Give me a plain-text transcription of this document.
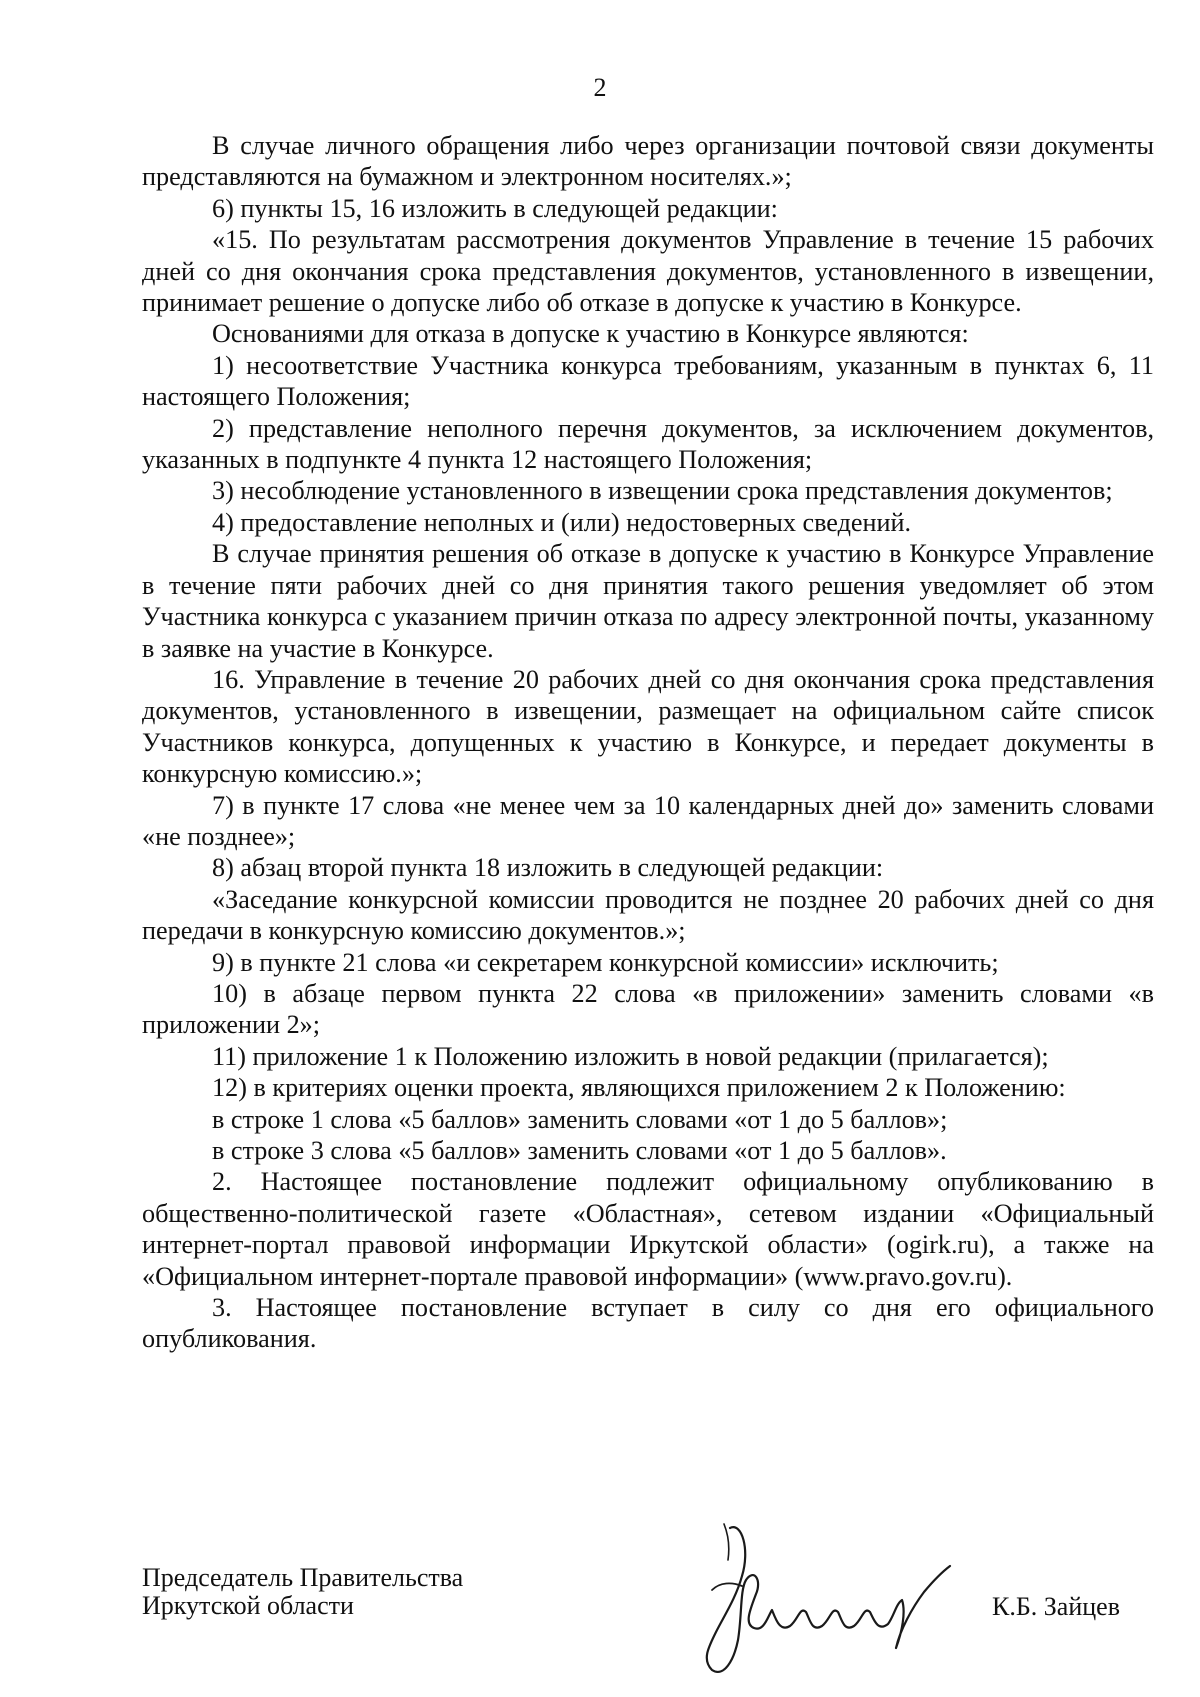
2

В случае личного обращения либо через организации почтовой связи документы представляются на бумажном и электронном носителях.»;

6) пункты 15, 16 изложить в следующей редакции:

«15. По результатам рассмотрения документов Управление в течение 15 рабочих дней со дня окончания срока представления документов, установленного в извещении, принимает решение о допуске либо об отказе в допуске к участию в Конкурсе.

Основаниями для отказа в допуске к участию в Конкурсе являются:

1) несоответствие Участника конкурса требованиям, указанным в пунктах 6, 11 настоящего Положения;

2) представление неполного перечня документов, за исключением документов, указанных в подпункте 4 пункта 12 настоящего Положения;

3) несоблюдение установленного в извещении срока представления документов;

4) предоставление неполных и (или) недостоверных сведений.

В случае принятия решения об отказе в допуске к участию в Конкурсе Управление в течение пяти рабочих дней со дня принятия такого решения уведомляет об этом Участника конкурса с указанием причин отказа по адресу электронной почты, указанному в заявке на участие в Конкурсе.

16. Управление в течение 20 рабочих дней со дня окончания срока представления документов, установленного в извещении, размещает на официальном сайте список Участников конкурса, допущенных к участию в Конкурсе, и передает документы в конкурсную комиссию.»;

7) в пункте 17 слова «не менее чем за 10 календарных дней до» заменить словами «не позднее»;

8) абзац второй пункта 18 изложить в следующей редакции:

«Заседание конкурсной комиссии проводится не позднее 20 рабочих дней со дня передачи в конкурсную комиссию документов.»;

9) в пункте 21 слова «и секретарем конкурсной комиссии» исключить;

10) в абзаце первом пункта 22 слова «в приложении» заменить словами «в приложении 2»;

11) приложение 1 к Положению изложить в новой редакции (прилагается);

12) в критериях оценки проекта, являющихся приложением 2 к Положению:

в строке 1 слова «5 баллов» заменить словами «от 1 до 5 баллов»;

в строке 3 слова «5 баллов» заменить словами «от 1 до 5 баллов».

2. Настоящее постановление подлежит официальному опубликованию в общественно-политической газете «Областная», сетевом издании «Официальный интернет-портал правовой информации Иркутской области» (ogirk.ru), а также на «Официальном интернет-портале правовой информации» (www.pravo.gov.ru).

3. Настоящее постановление вступает в силу со дня его официального опубликования.

Председатель Правительства
Иркутской области	К.Б. Зайцев
